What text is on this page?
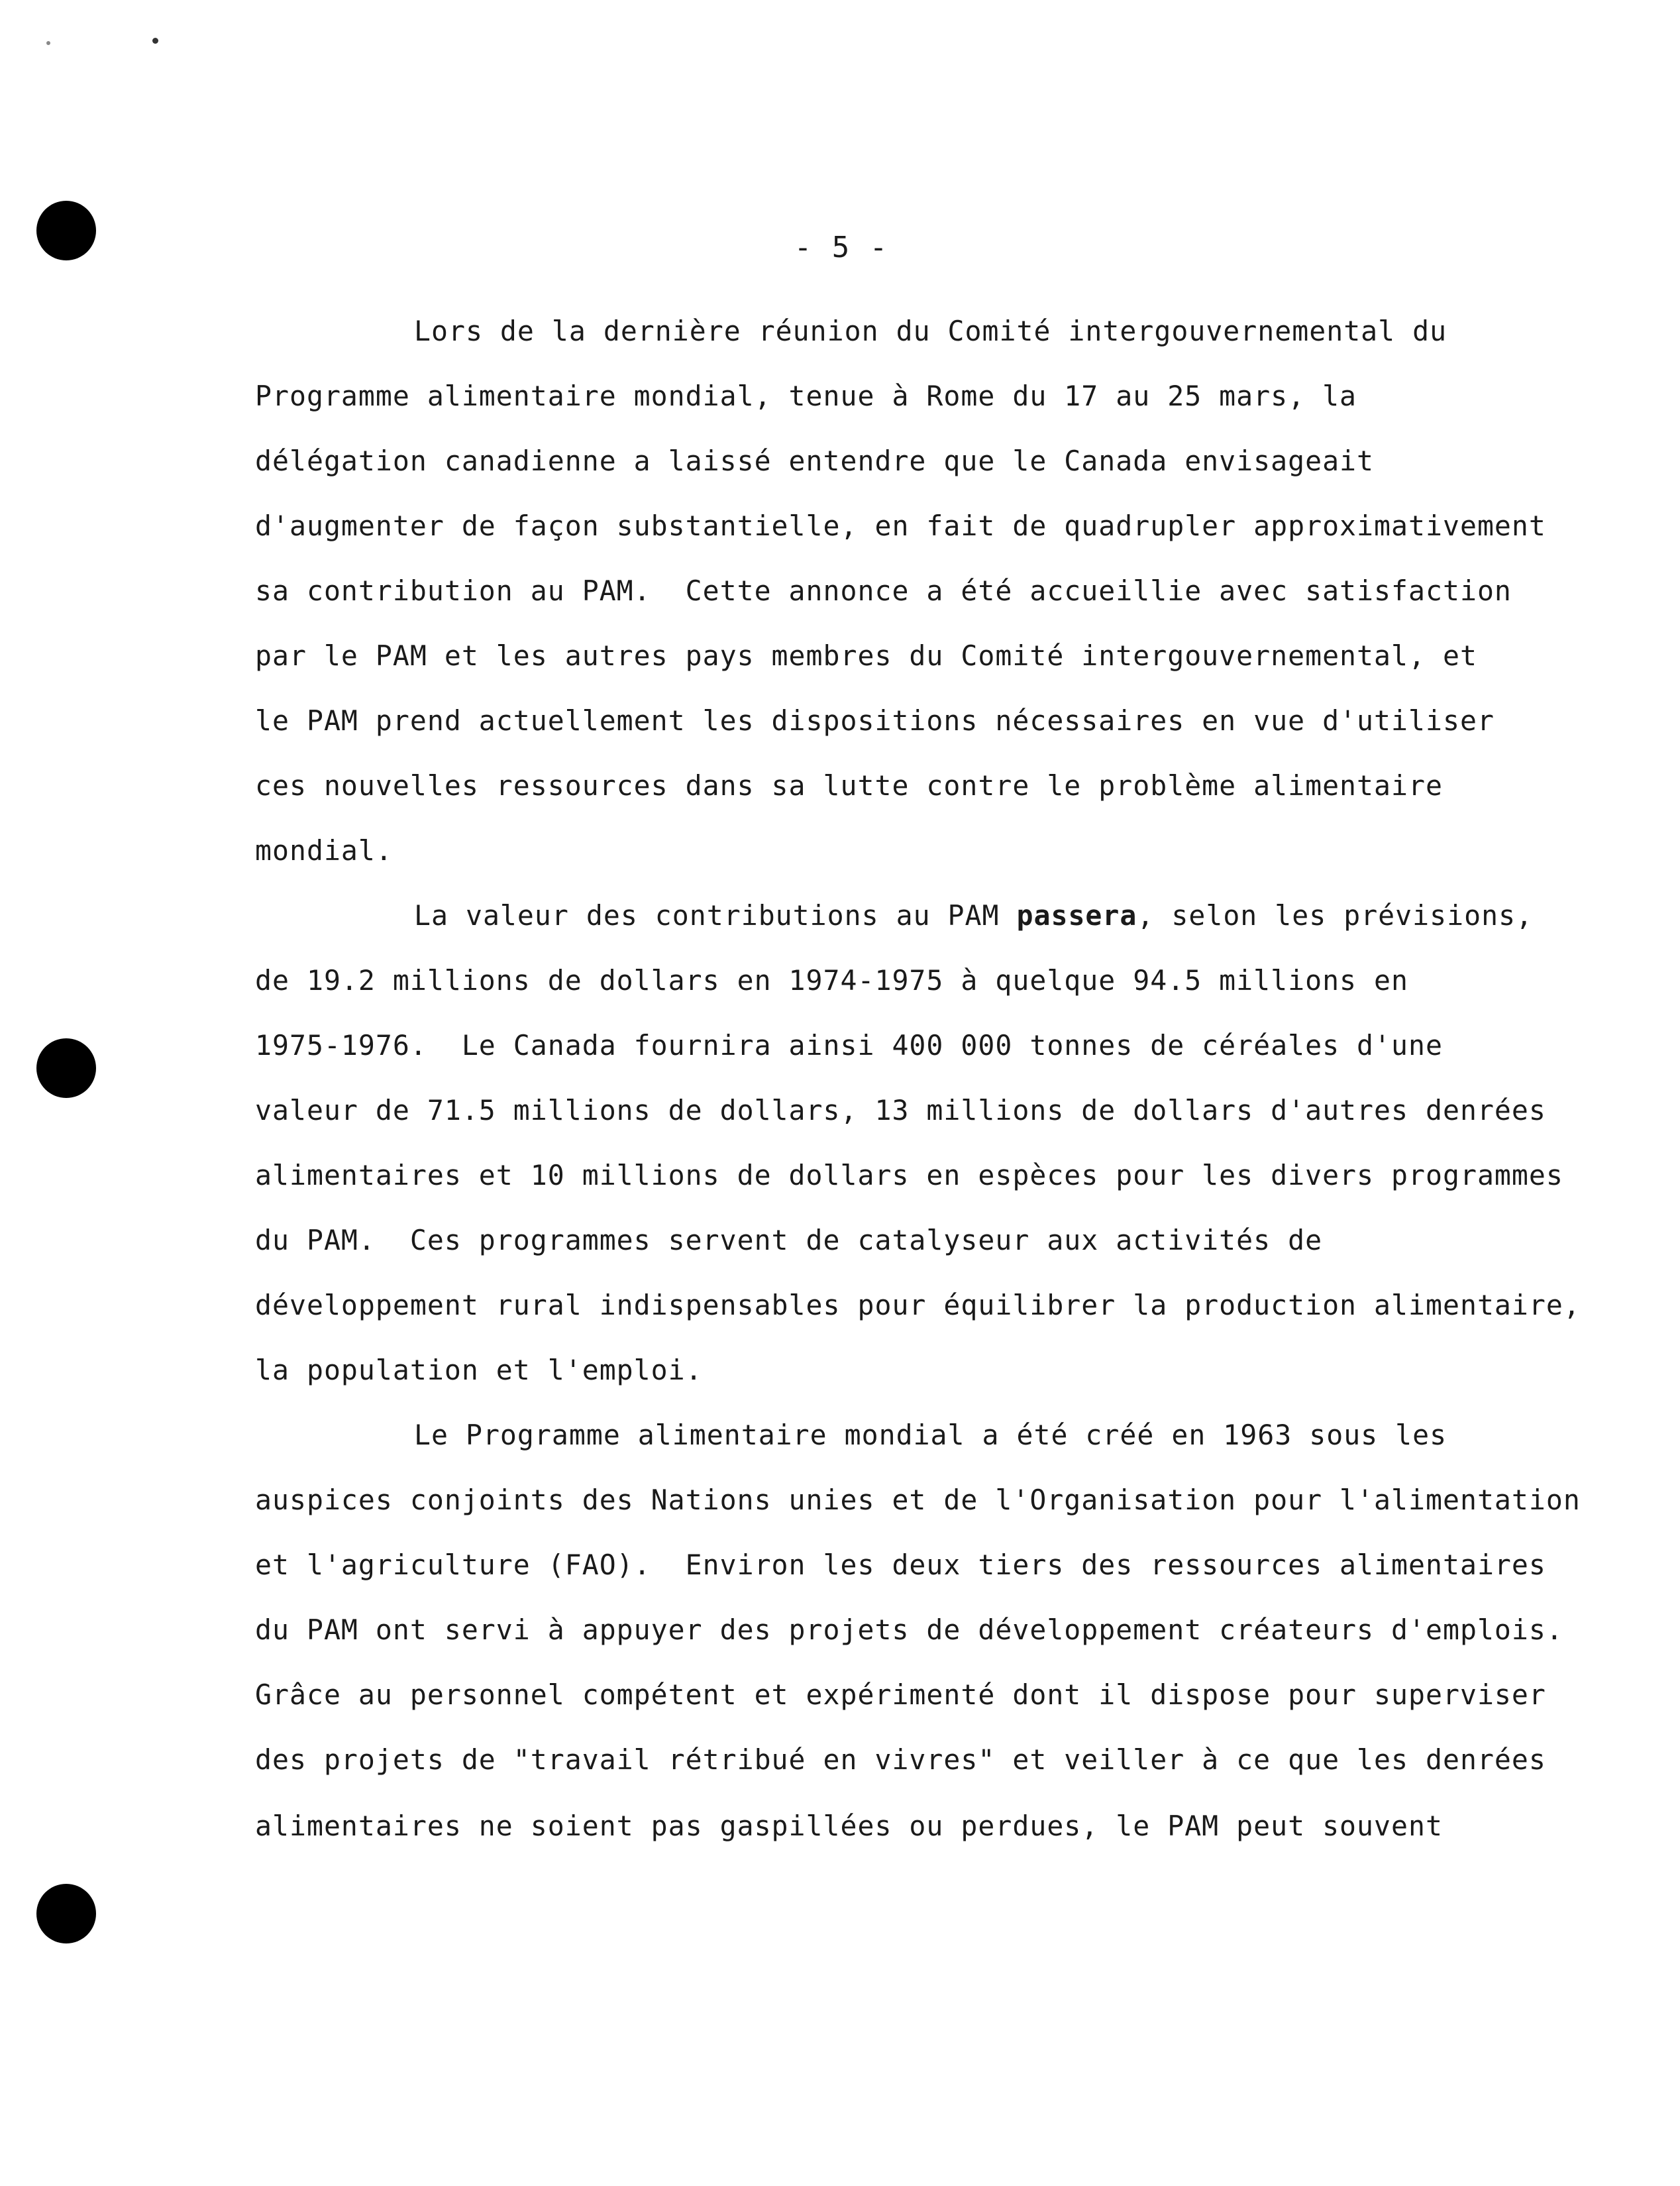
- 5 -
Lors de la dernière réunion du Comité intergouvernemental du
Programme alimentaire mondial, tenue à Rome du 17 au 25 mars, la
délégation canadienne a laissé entendre que le Canada envisageait
d'augmenter de façon substantielle, en fait de quadrupler approximativement
sa contribution au PAM.  Cette annonce a été accueillie avec satisfaction
par le PAM et les autres pays membres du Comité intergouvernemental, et
le PAM prend actuellement les dispositions nécessaires en vue d'utiliser
ces nouvelles ressources dans sa lutte contre le problème alimentaire
mondial.
La valeur des contributions au PAM passera, selon les prévisions,
de 19.2 millions de dollars en 1974-1975 à quelque 94.5 millions en
1975-1976.  Le Canada fournira ainsi 400 000 tonnes de céréales d'une
valeur de 71.5 millions de dollars, 13 millions de dollars d'autres denrées
alimentaires et 10 millions de dollars en espèces pour les divers programmes
du PAM.  Ces programmes servent de catalyseur aux activités de
développement rural indispensables pour équilibrer la production alimentaire,
la population et l'emploi.
Le Programme alimentaire mondial a été créé en 1963 sous les
auspices conjoints des Nations unies et de l'Organisation pour l'alimentation
et l'agriculture (FAO).  Environ les deux tiers des ressources alimentaires
du PAM ont servi à appuyer des projets de développement créateurs d'emplois.
Grâce au personnel compétent et expérimenté dont il dispose pour superviser
des projets de "travail rétribué en vivres" et veiller à ce que les denrées
alimentaires ne soient pas gaspillées ou perdues, le PAM peut souvent
